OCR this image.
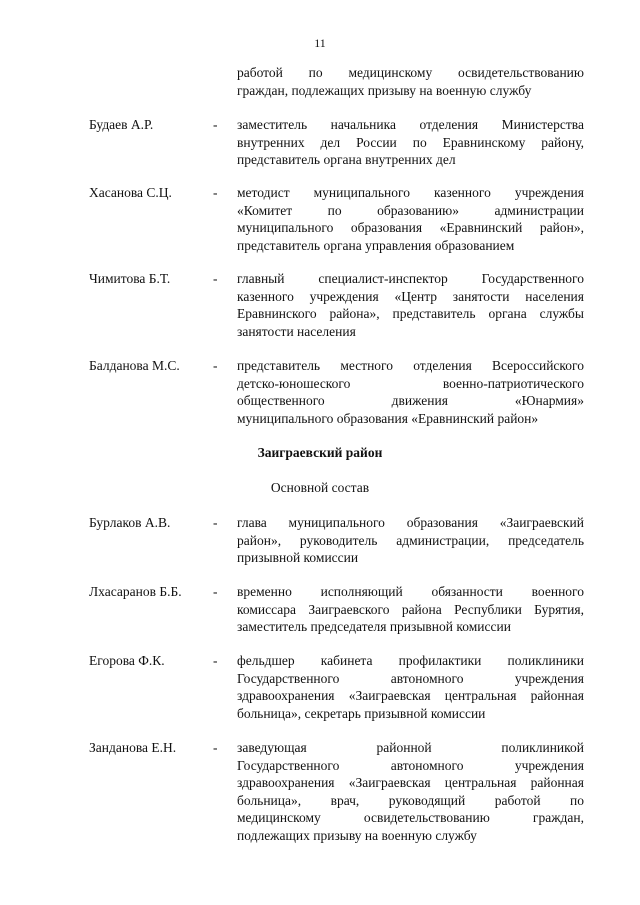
11
работой по медицинскому освидетельствованию
граждан, подлежащих призыву на военную службу
Будаев А.Р.	- заместитель начальника отделения Министерства
внутренних дел России по Еравнинскому району,
представитель органа внутренних дел
Хасанова С.Ц.	- методист муниципального казенного учреждения
«Комитет по образованию» администрации
муниципального образования «Еравнинский район»,
представитель органа управления образованием
Чимитова Б.Т.	- главный специалист-инспектор Государственного
казенного учреждения «Центр занятости населения
Еравнинского района», представитель органа службы
занятости населения
Балданова М.С. - представитель местного отделения Всероссийского
детско-юношеского военно-патриотического
общественного движения «Юнармия»
муниципального образования «Еравнинский район»
Заиграевский район
Основной состав
Бурлаков А.В.	- глава муниципального образования «Заиграевский
район», руководитель администрации, председатель
призывной комиссии
Лхасаранов Б.Б. - временно исполняющий обязанности военного
комиссара Заиграевского района Республики Бурятия,
заместитель председателя призывной комиссии
Егорова Ф.К.	- фельдшер кабинета профилактики поликлиники
Государственного автономного учреждения
здравоохранения «Заиграевская центральная районная
больница», секретарь призывной комиссии
Занданова Е.Н.	- заведующая районной поликлиникой
Государственного автономного учреждения
здравоохранения «Заиграевская центральная районная
больница», врач, руководящий работой по
медицинскому освидетельствованию граждан,
подлежащих призыву на военную службу
